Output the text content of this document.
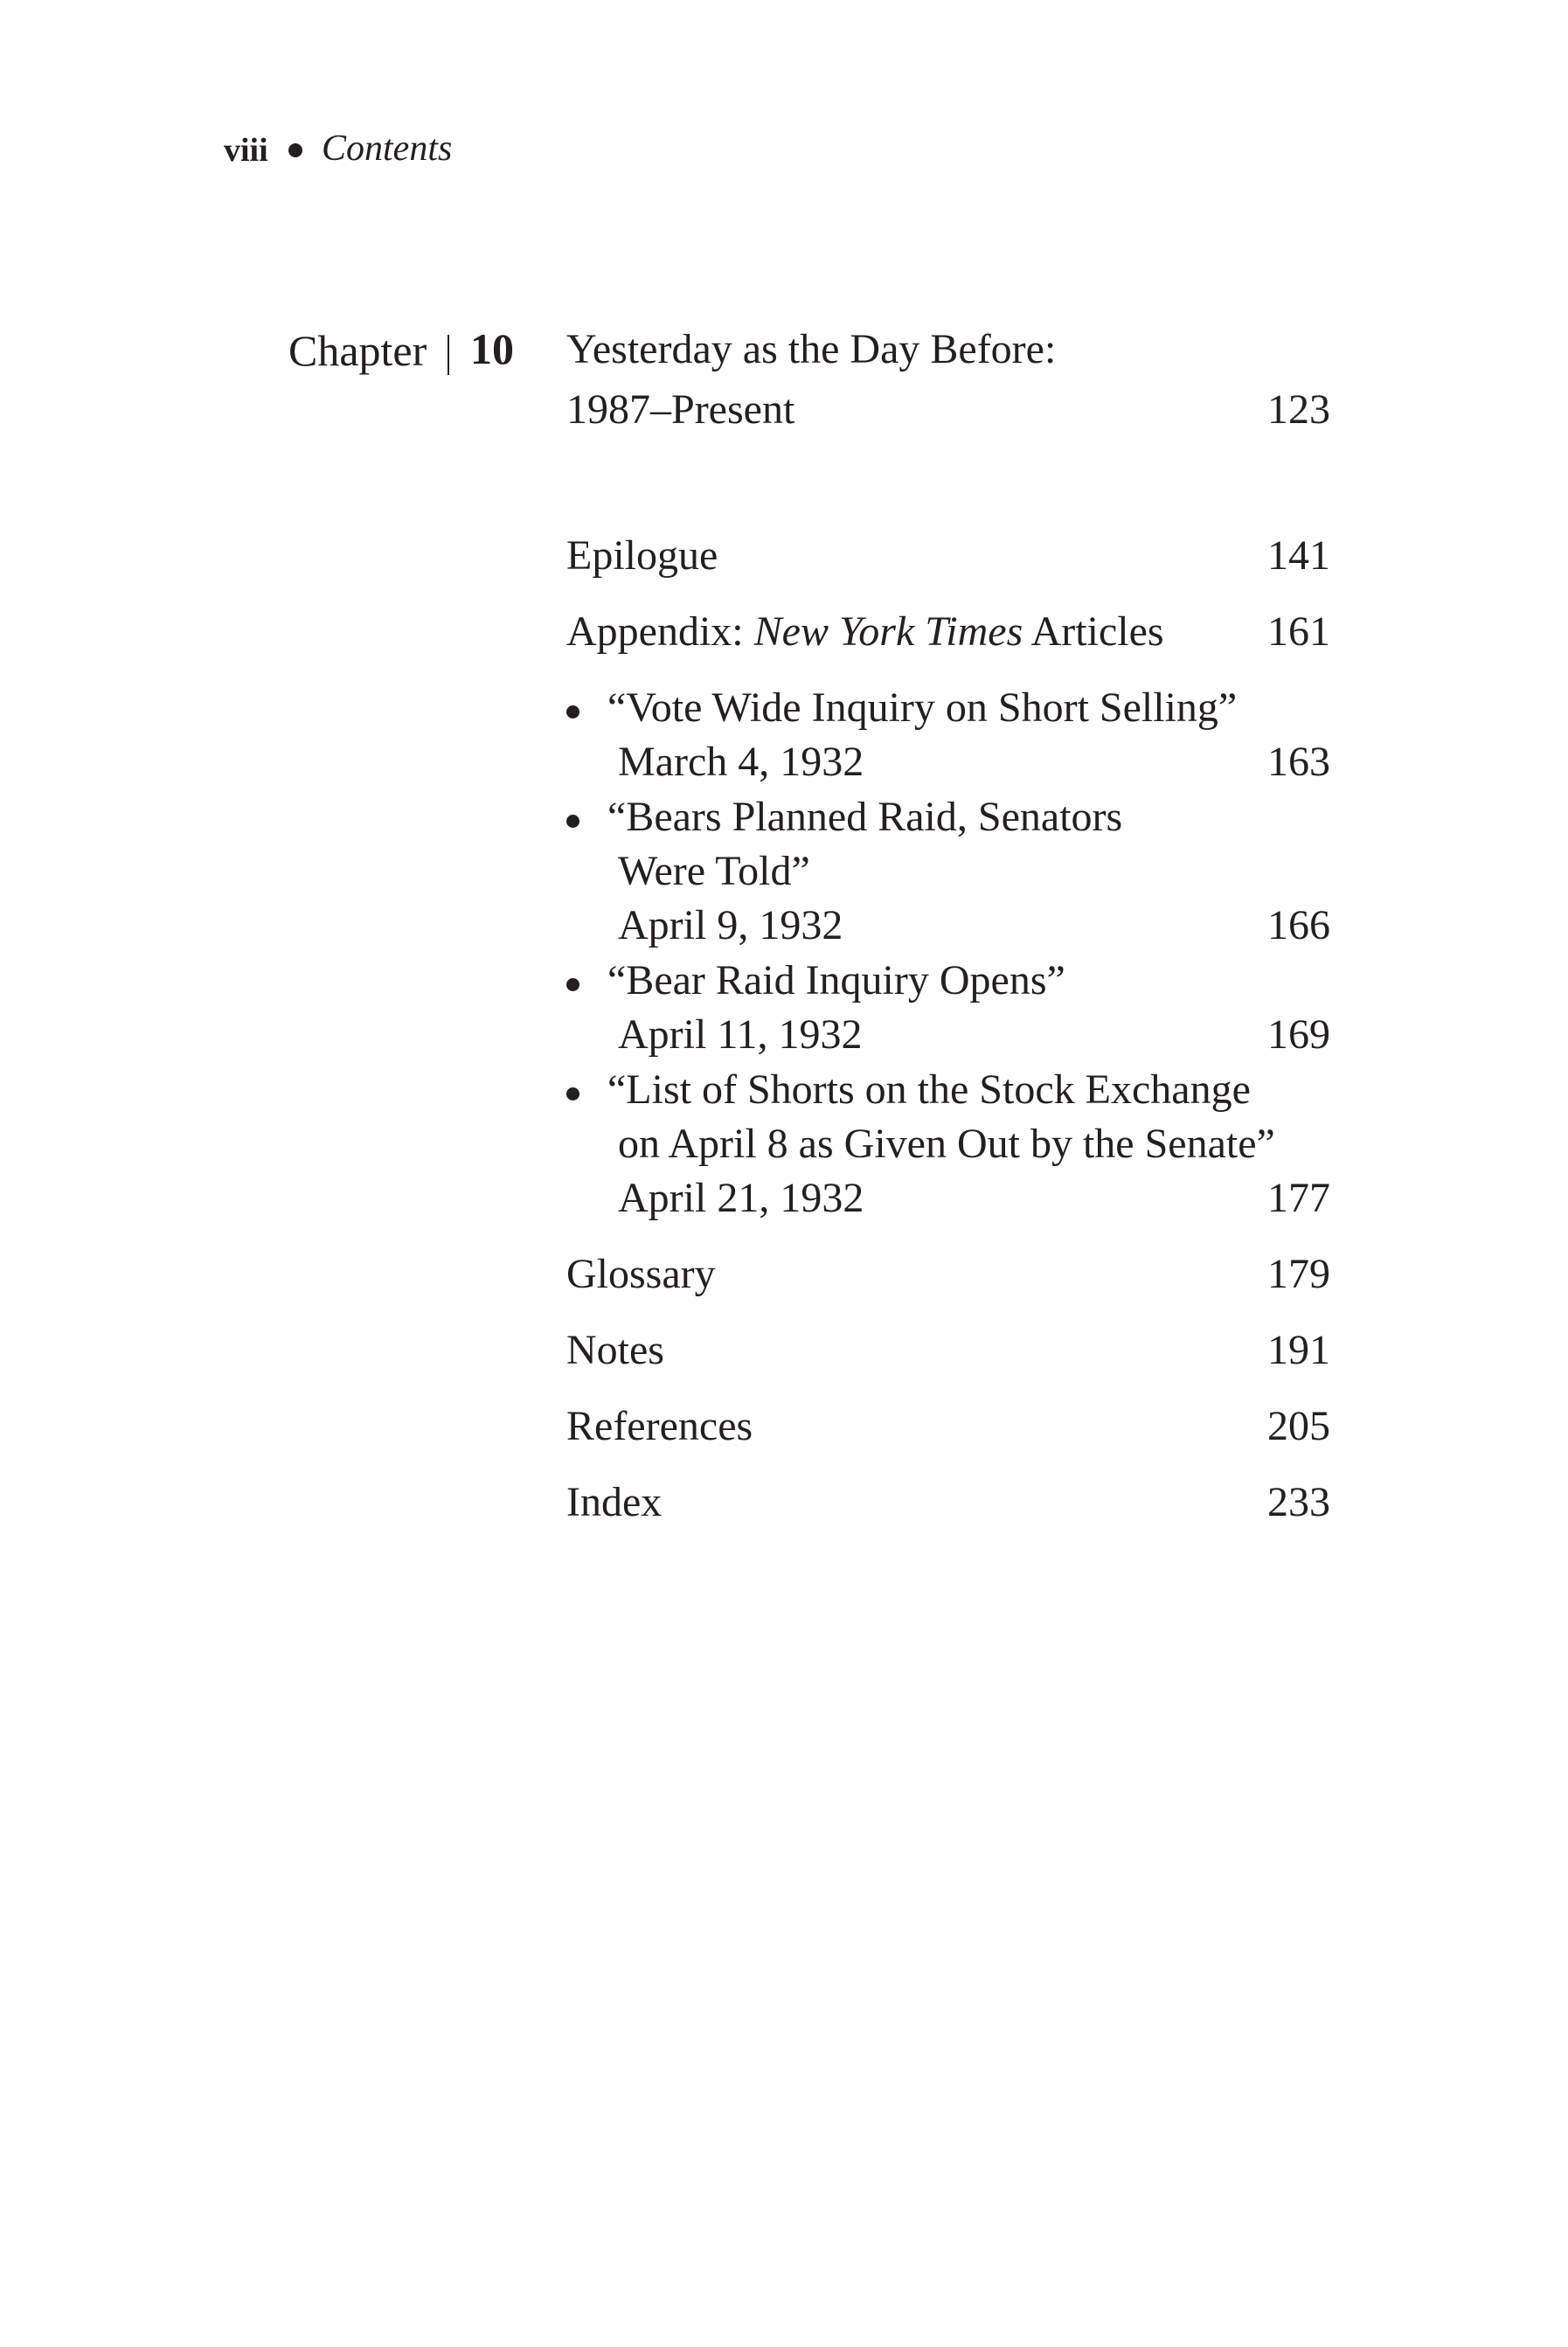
viii Contents
Chapter 10 Yesterday as the Day Before:
1987–Present	123
Epilogue	141
Appendix: New York Times Articles 161
“Vote Wide Inquiry on Short Selling”
March 4, 1932	163
“Bears Planned Raid, Senators
Were Told”
April 9, 1932	166
“Bear Raid Inquiry Opens”
April 11, 1932	169
“List of Shorts on the Stock Exchange
on April 8 as Given Out by the Senate”
April 21, 1932	177
Glossary	179
Notes	191
References	205
Index	233
